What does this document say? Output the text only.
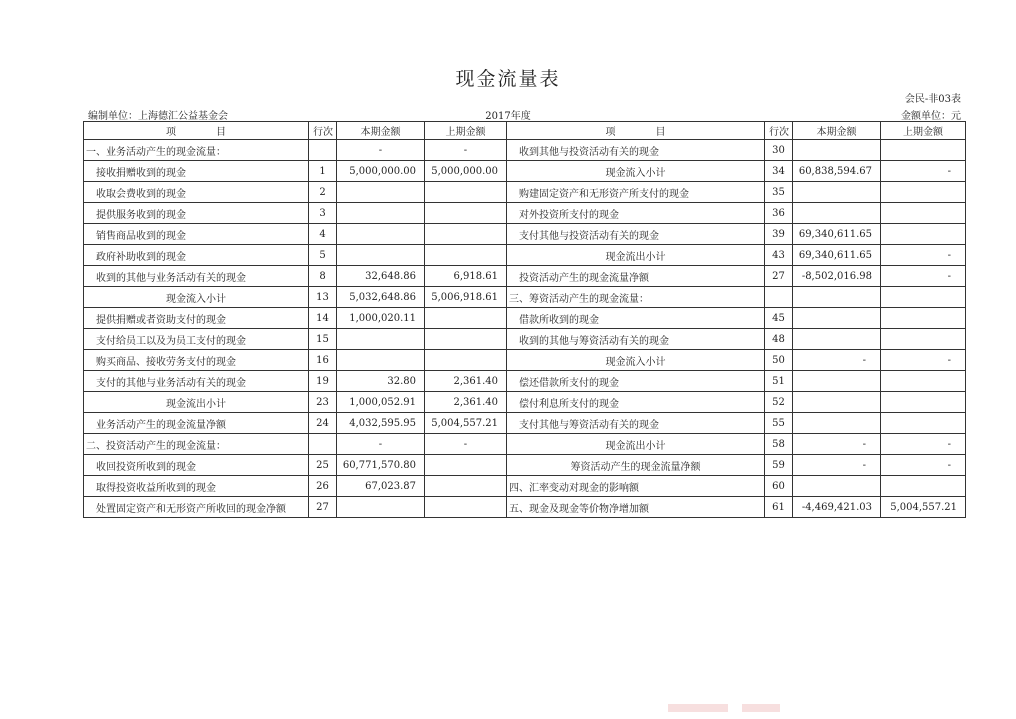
现金流量表
会民-非03表
编制单位：上海德汇公益基金会	2017年度	金额单位：元
项　　　　目	行次	本期金额	上期金额	项　　　　目	行次	本期金额	上期金额
一、业务活动产生的现金流量：		-	-	收到其他与投资活动有关的现金	30		
接收捐赠收到的现金	1	5,000,000.00	5,000,000.00	现金流入小计	34	60,838,594.67	-
收取会费收到的现金	2			购建固定资产和无形资产所支付的现金	35		
提供服务收到的现金	3			对外投资所支付的现金	36		
销售商品收到的现金	4			支付其他与投资活动有关的现金	39	69,340,611.65	
政府补助收到的现金	5			现金流出小计	43	69,340,611.65	-
收到的其他与业务活动有关的现金	8	32,648.86	6,918.61	投资活动产生的现金流量净额	27	-8,502,016.98	-
现金流入小计	13	5,032,648.86	5,006,918.61	三、筹资活动产生的现金流量：			
提供捐赠或者资助支付的现金	14	1,000,020.11		借款所收到的现金	45		
支付给员工以及为员工支付的现金	15			收到的其他与筹资活动有关的现金	48		
购买商品、接收劳务支付的现金	16			现金流入小计	50	-	-
支付的其他与业务活动有关的现金	19	32.80	2,361.40	偿还借款所支付的现金	51		
现金流出小计	23	1,000,052.91	2,361.40	偿付利息所支付的现金	52		
业务活动产生的现金流量净额	24	4,032,595.95	5,004,557.21	支付其他与筹资活动有关的现金	55		
二、投资活动产生的现金流量：		-	-	现金流出小计	58	-	-
收回投资所收到的现金	25	60,771,570.80		筹资活动产生的现金流量净额	59	-	-
取得投资收益所收到的现金	26	67,023.87		四、汇率变动对现金的影响额	60		
处置固定资产和无形资产所收回的现金净额	27			五、现金及现金等价物净增加额	61	-4,469,421.03	5,004,557.21
